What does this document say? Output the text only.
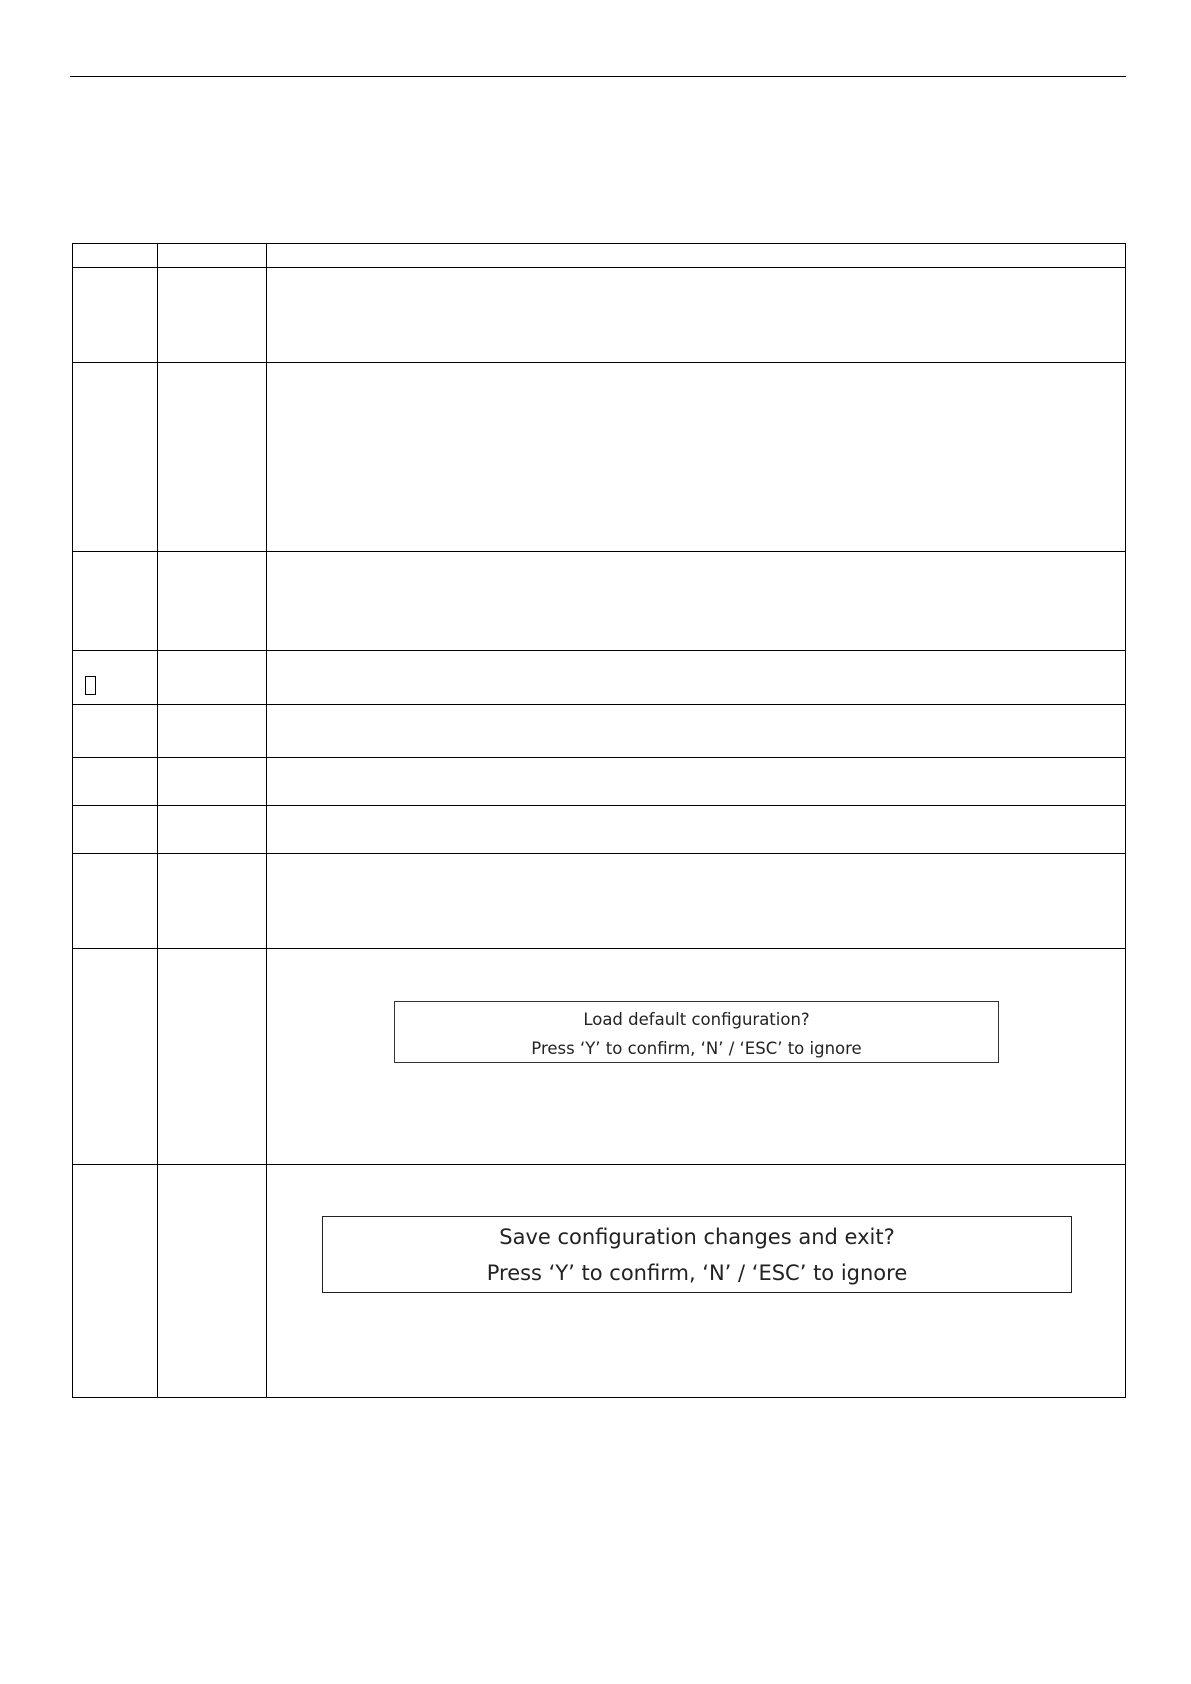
		Load default configuration?
Press ‘Y’ to confirm, ‘N’ / ‘ESC’ to ignore

		Save configuration changes and exit?
Press ‘Y’ to confirm, ‘N’ / ‘ESC’ to ignore
